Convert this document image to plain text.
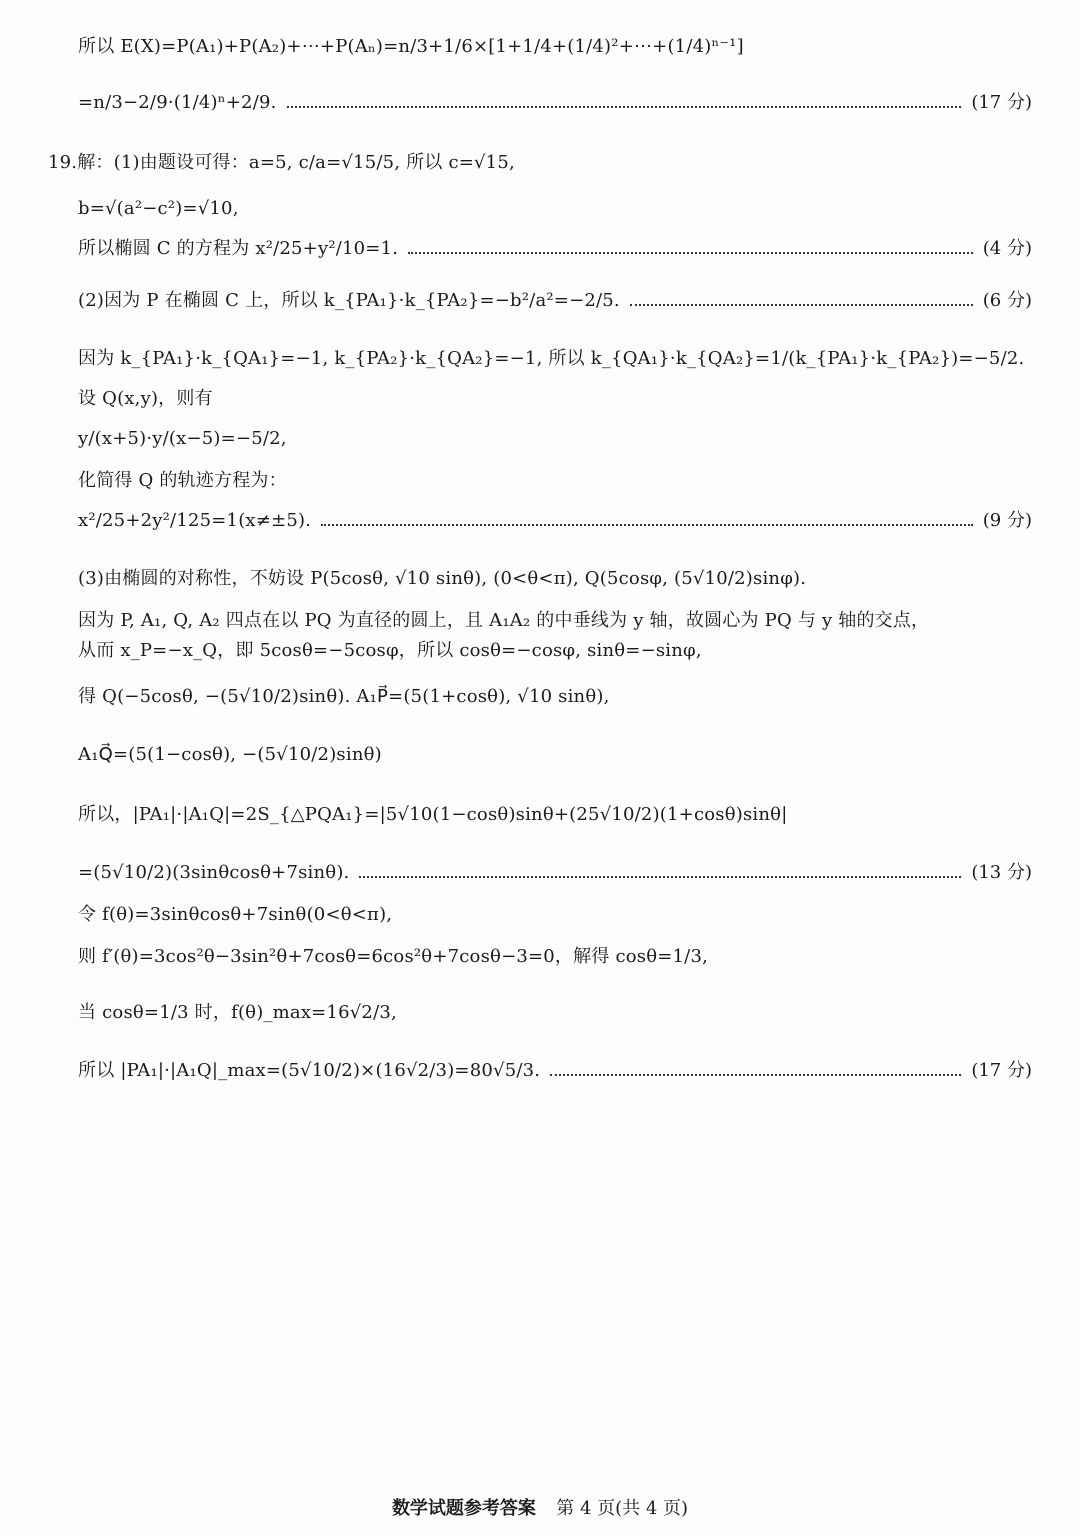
所以 E(X)=P(A₁)+P(A₂)+⋯+P(Aₙ)=n/3+1/6×[1+1/4+(1/4)²+⋯+(1/4)ⁿ⁻¹]
=n/3−2/9·(1/4)ⁿ+2/9.	(17 分)
19.解：(1)由题设可得：a=5, c/a=√15/5, 所以 c=√15,
b=√(a²−c²)=√10,
所以椭圆 C 的方程为 x²/25+y²/10=1.	(4 分)
(2)因为 P 在椭圆 C 上，所以 k_{PA₁}·k_{PA₂}=−b²/a²=−2/5.	(6 分)
因为 k_{PA₁}·k_{QA₁}=−1, k_{PA₂}·k_{QA₂}=−1, 所以 k_{QA₁}·k_{QA₂}=1/(k_{PA₁}·k_{PA₂})=−5/2.
设 Q(x,y)，则有
y/(x+5)·y/(x−5)=−5/2,
化简得 Q 的轨迹方程为：
x²/25+2y²/125=1(x≠±5).	(9 分)
(3)由椭圆的对称性，不妨设 P(5cosθ, √10 sinθ), (0<θ<π), Q(5cosφ, (5√10/2)sinφ).
因为 P, A₁, Q, A₂ 四点在以 PQ 为直径的圆上，且 A₁A₂ 的中垂线为 y 轴，故圆心为 PQ 与 y 轴的交点，
从而 x_P=−x_Q，即 5cosθ=−5cosφ，所以 cosθ=−cosφ, sinθ=−sinφ,
得 Q(−5cosθ, −(5√10/2)sinθ). A₁P⃗=(5(1+cosθ), √10 sinθ),
A₁Q⃗=(5(1−cosθ), −(5√10/2)sinθ)
所以，|PA₁|·|A₁Q|=2S_{△PQA₁}=|5√10(1−cosθ)sinθ+(25√10/2)(1+cosθ)sinθ|
=(5√10/2)(3sinθcosθ+7sinθ).	(13 分)
令 f(θ)=3sinθcosθ+7sinθ(0<θ<π),
则 f′(θ)=3cos²θ−3sin²θ+7cosθ=6cos²θ+7cosθ−3=0，解得 cosθ=1/3,
当 cosθ=1/3 时，f(θ)_max=16√2/3,
所以 |PA₁|·|A₁Q|_max=(5√10/2)×(16√2/3)=80√5/3.	(17 分)
数学试题参考答案 第 4 页(共 4 页)
